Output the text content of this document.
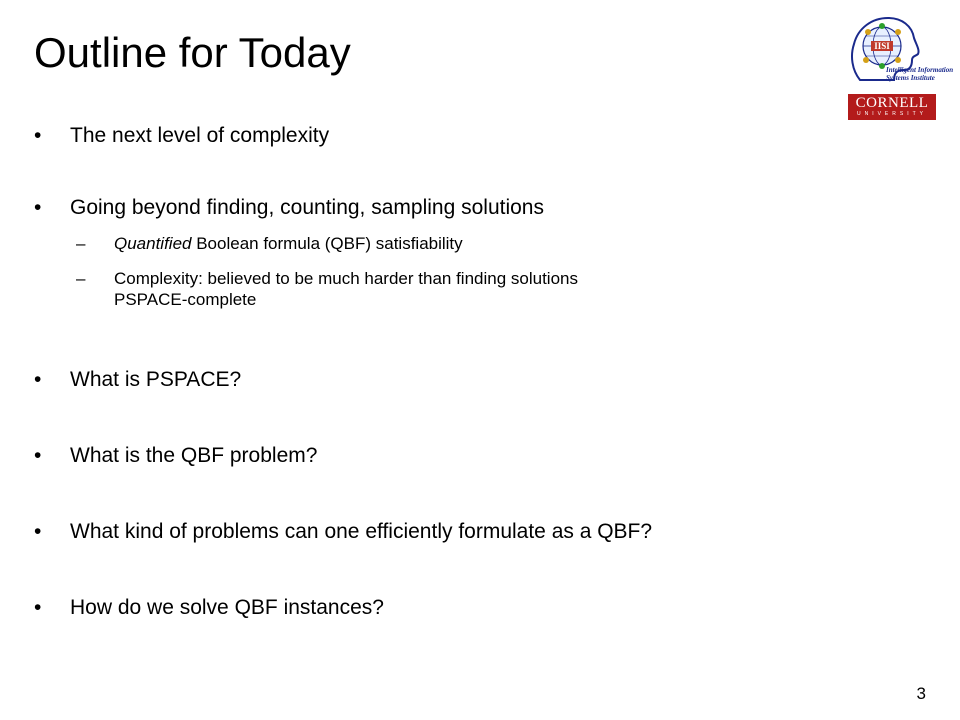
Outline for Today	IISI
Intelligent Information
Systems Institute
CORNELL
UNIVERSITY
• The next level of complexity
• Going beyond finding, counting, sampling solutions
– Quantified Boolean formula (QBF) satisfiability
– Complexity: believed to be much harder than finding solutions
PSPACE-complete
• What is PSPACE?
• What is the QBF problem?
• What kind of problems can one efficiently formulate as a QBF?
• How do we solve QBF instances?
3
